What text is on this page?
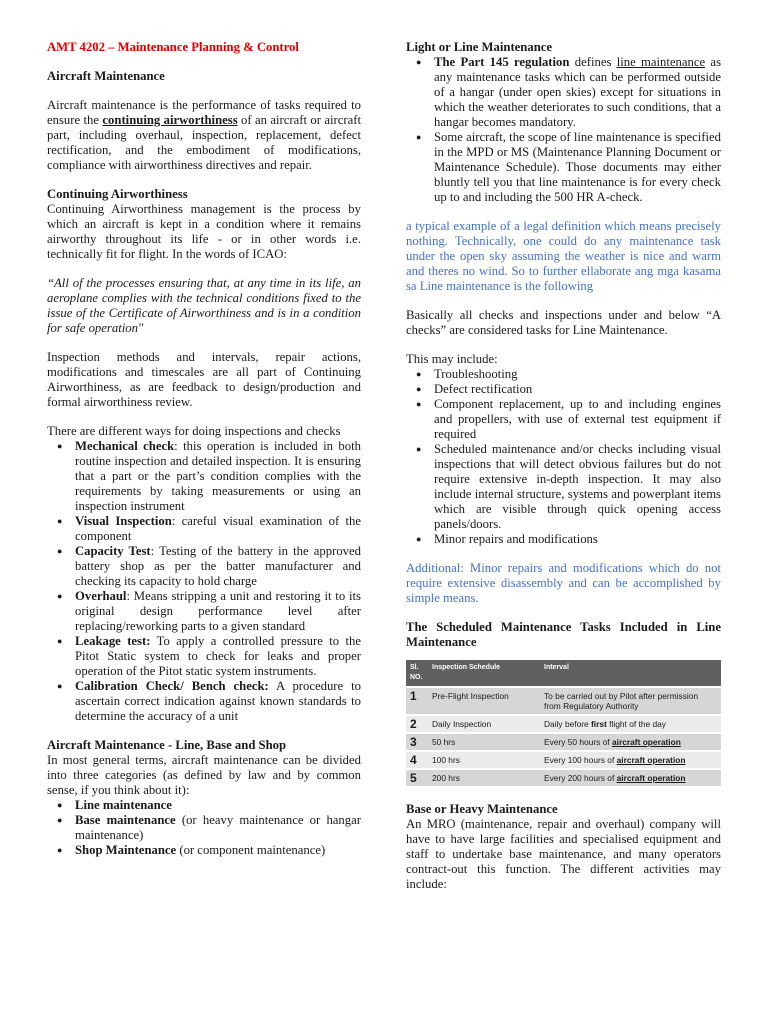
AMT 4202 – Maintenance Planning & Control
Aircraft Maintenance

Aircraft maintenance is the performance of tasks required to ensure the continuing airworthiness of an aircraft or aircraft part, including overhaul, inspection, replacement, defect rectification, and the embodiment of modifications, compliance with airworthiness directives and repair.

Continuing Airworthiness

Continuing Airworthiness management is the process by which an aircraft is kept in a condition where it remains airworthy throughout its life - or in other words i.e. technically fit for flight. In the words of ICAO:

“All of the processes ensuring that, at any time in its life, an aeroplane complies with the technical conditions fixed to the issue of the Certificate of Airworthiness and is in a condition for safe operation"

Inspection methods and intervals, repair actions, modifications and timescales are all part of Continuing Airworthiness, as are feedback to design/production and formal airworthiness review.

There are different ways for doing inspections and checks

● Mechanical check: this operation is included in both routine inspection and detailed inspection. It is ensuring that a part or the part’s condition complies with the requirements by taking measurements or using an inspection instrument
● Visual Inspection: careful visual examination of the component
● Capacity Test: Testing of the battery in the approved battery shop as per the batter manufacturer and checking its capacity to hold charge
● Overhaul: Means stripping a unit and restoring it to its original design performance level after replacing/reworking parts to a given standard
● Leakage test: To apply a controlled pressure to the Pitot Static system to check for leaks and proper operation of the Pitot static system instruments.
● Calibration Check/ Bench check: A procedure to ascertain correct indication against known standards to determine the accuracy of a unit
Aircraft Maintenance - Line, Base and Shop

In most general terms, aircraft maintenance can be divided into three categories (as defined by law and by common sense, if you think about it):

● Line maintenance
● Base maintenance (or heavy maintenance or hangar maintenance)
● Shop Maintenance (or component maintenance)
Light or Line Maintenance
● The Part 145 regulation defines line maintenance as any maintenance tasks which can be performed outside of a hangar (under open skies) except for situations in which the weather deteriorates to such conditions, that a hangar becomes mandatory.
● Some aircraft, the scope of line maintenance is specified in the MPD or MS (Maintenance Planning Document or Maintenance Schedule). Those documents may either bluntly tell you that line maintenance is for every check up to and including the 500 HR A-check.

a typical example of a legal definition which means precisely nothing. Technically, one could do any maintenance task under the open sky assuming the weather is nice and warm and theres no wind. So to further ellaborate ang mga kasama sa Line maintenance is the following

Basically all checks and inspections under and below “A checks” are considered tasks for Line Maintenance.

This may include:

● Troubleshooting
● Defect rectification
● Component replacement, up to and including engines and propellers, with use of external test equipment if required
● Scheduled maintenance and/or checks including visual inspections that will detect obvious failures but do not require extensive in-depth inspection. It may also include internal structure, systems and powerplant items which are visible through quick opening access panels/doors.
● Minor repairs and modifications

Additional: Minor repairs and modifications which do not require extensive disassembly and can be accomplished by simple means.

The Scheduled Maintenance Tasks Included in Line Maintenance
Sl. NO.	Inspection Schedule	Interval
1	Pre-Flight Inspection	To be carried out by Pilot after permission from Regulatory Authority
2	Daily Inspection	Daily before first flight of the day
3	50 hrs	Every 50 hours of aircraft operation
4	100 hrs	Every 100 hours of aircraft operation
5	200 hrs	Every 200 hours of aircraft operation
Base or Heavy Maintenance

An MRO (maintenance, repair and overhaul) company will have to have large facilities and specialised equipment and staff to undertake base maintenance, and many operators contract-out this function. The different activities may include:
